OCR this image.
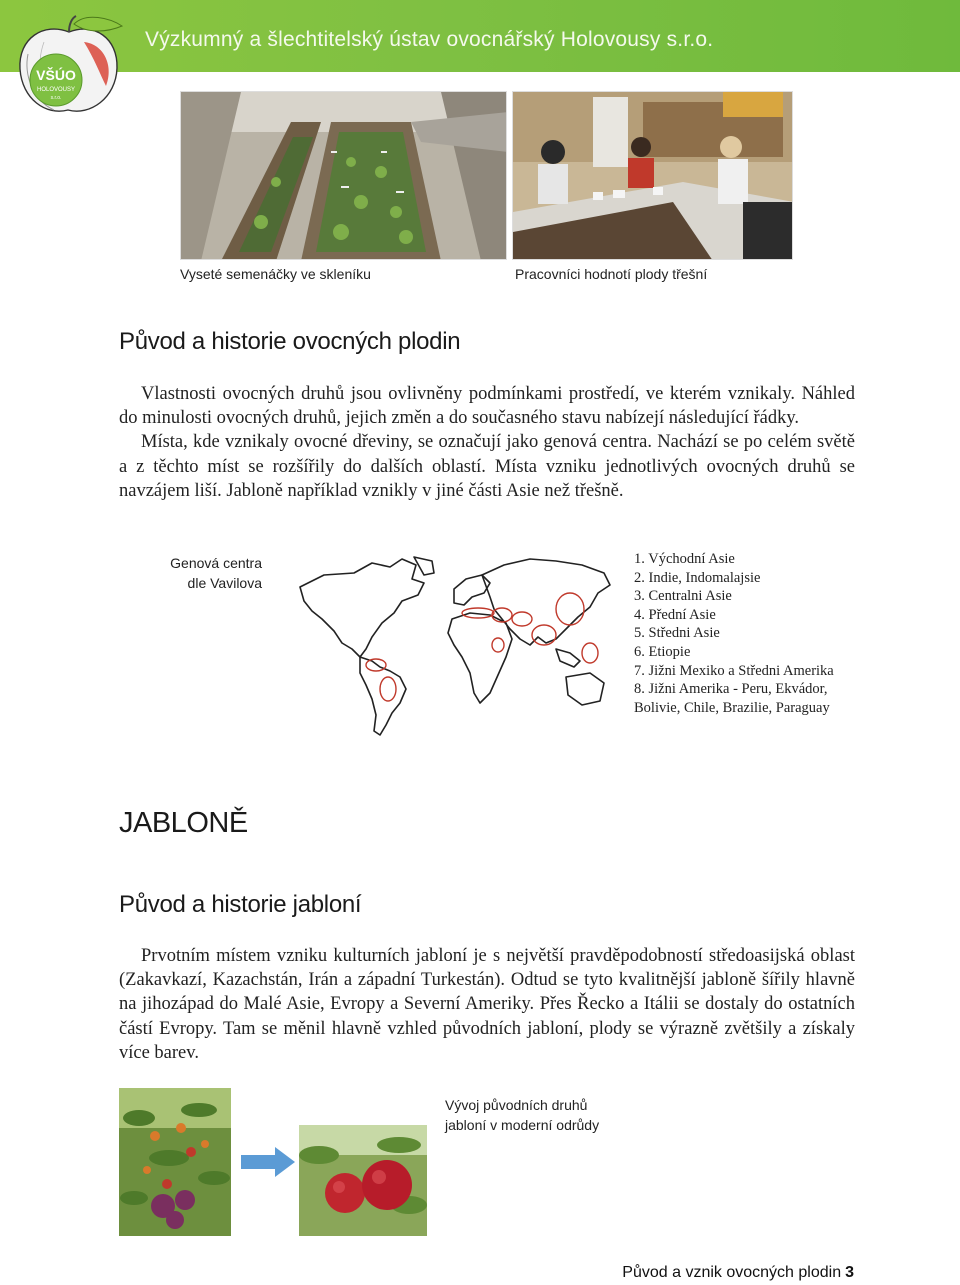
Výzkumný a šlechtitelský ústav ovocnářský Holovousy s.r.o.
VŠÚO
HOLOVOUSY
s.r.o.
Vyseté semenáčky ve skleníku	Pracovníci hodnotí plody třešní
Původ a historie ovocných plodin

Vlastnosti ovocných druhů jsou ovlivněny podmínkami prostředí, ve kterém vznikaly. Náhled do minulosti ovocných druhů, jejich změn a do současného stavu nabízejí následující řádky.

Místa, kde vznikaly ovocné dřeviny, se označují jako genová centra. Nachází se po celém světě a z těchto míst se rozšířily do dalších oblastí. Místa vzniku jednotlivých ovocných druhů se navzájem liší. Jabloně například vznikly v jiné části Asie než třešně.

Genová centra
dle Vavilova
1. Východní Asie
2. Indie, Indomalajsie
3. Centralni Asie
4. Přední Asie
5. Středni Asie
6. Etiopie
7. Jižni Mexiko a Středni Amerika
8. Jižni Amerika - Peru, Ekvádor,
Bolivie, Chile, Brazilie, Paraguay
JABLONĚ
Původ a historie jabloní

Prvotním místem vzniku kulturních jabloní je s největší pravděpodobností středoasijská oblast (Zakavkazí, Kazachstán, Irán a západní Turkestán). Odtud se tyto kvalitnější jabloně šířily hlavně na jihozápad do Malé Asie, Evropy a Severní Ameriky. Přes Řecko a Itálii se dostaly do ostatních částí Evropy. Tam se měnil hlavně vzhled původních jabloní, plody se výrazně zvětšily a získaly více barev.

Vývoj původních druhů
jabloní v moderní odrůdy
Původ a vznik ovocných plodin 3
